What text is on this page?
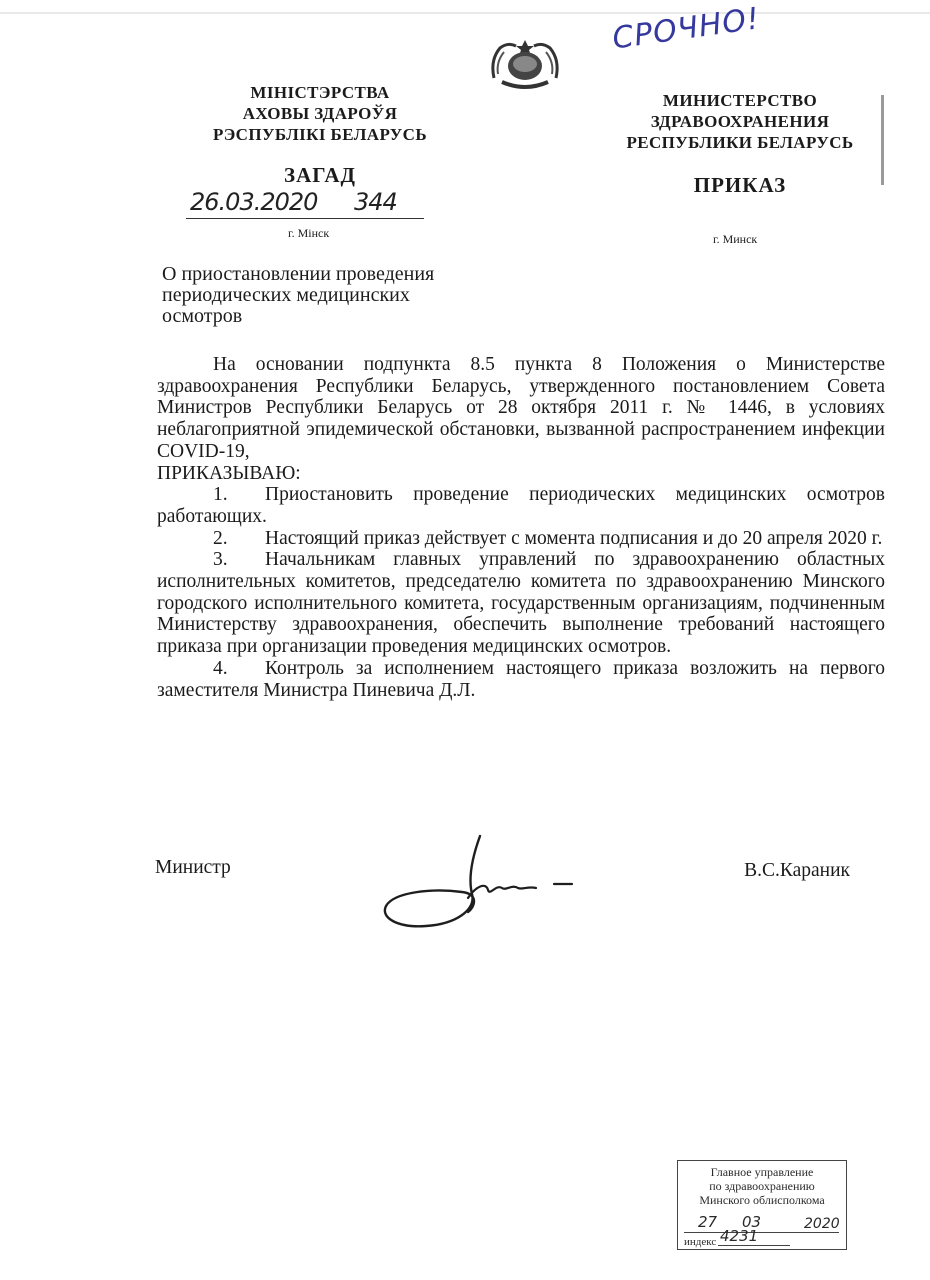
СРОЧНО!
МІНІСТЭРСТВА
АХОВЫ ЗДАРОЎЯ
РЭСПУБЛІКІ БЕЛАРУСЬ
ЗАГАД
МИНИСТЕРСТВО
ЗДРАВООХРАНЕНИЯ
РЕСПУБЛИКИ БЕЛАРУСЬ
ПРИКАЗ
26.03.2020 344
г. Мінск	г. Минск
О приостановлении проведения
периодических медицинских
осмотров

На основании подпункта 8.5 пункта 8 Положения о Министерстве здравоохранения Республики Беларусь, утвержденного постановлением Совета Министров Республики Беларусь от 28 октября 2011 г. № 1446, в условиях неблагоприятной эпидемической обстановки, вызванной распространением инфекции COVID-19,

ПРИКАЗЫВАЮ:

1. Приостановить проведение периодических медицинских осмотров работающих.

2. Настоящий приказ действует с момента подписания и до 20 апреля 2020 г.

3. Начальникам главных управлений по здравоохранению областных исполнительных комитетов, председателю комитета по здравоохранению Минского городского исполнительного комитета, государственным организациям, подчиненным Министерству здравоохранения, обеспечить выполнение требований настоящего приказа при организации проведения медицинских осмотров.

4. Контроль за исполнением настоящего приказа возложить на первого заместителя Министра Пиневича Д.Л.

Министр	В.С.Караник
Главное управление
по здравоохранению
Минского облисполкома
27 03	2020
индекс 4231
